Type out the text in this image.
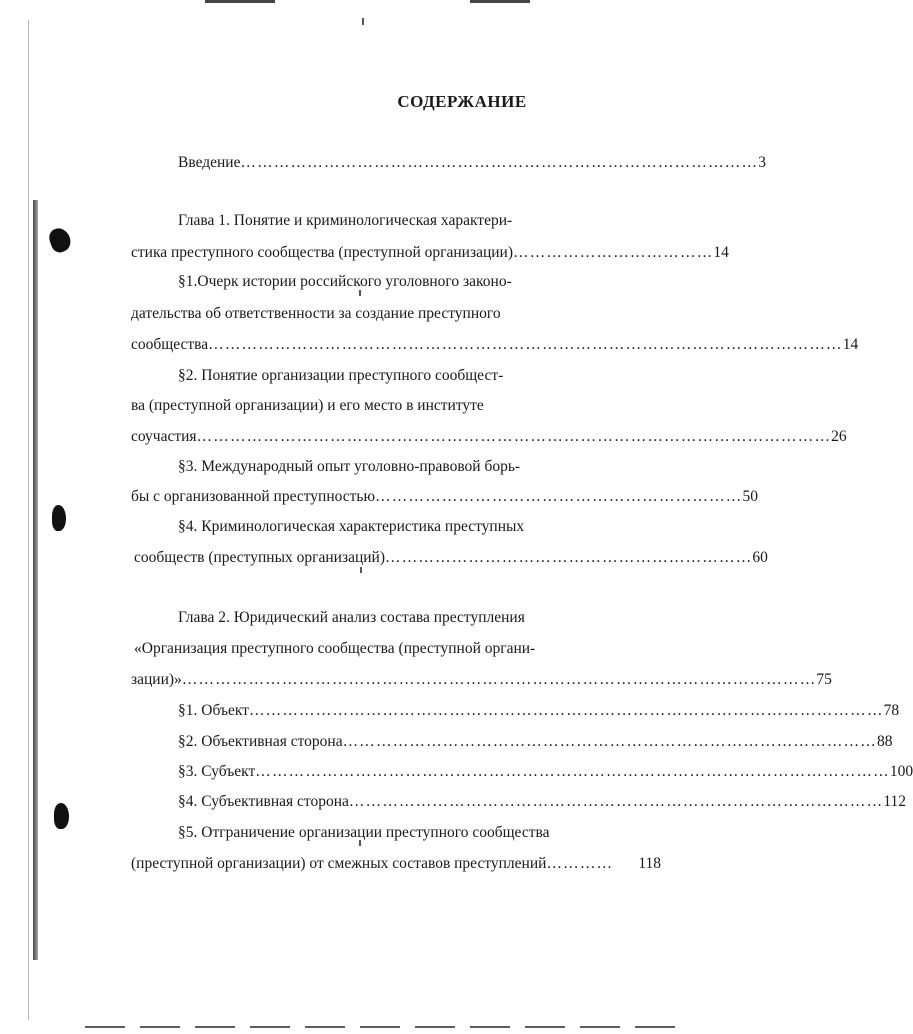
СОДЕРЖАНИЕ
Введение ………………………………………………………………………………… 3
Глава 1. Понятие и криминологическая характери-
стика преступного сообщества (преступной организации) ……………………………… 14
§1.Очерк истории российского уголовного законо-
дательства об ответственности за создание преступного
сообщества …………………………………………………………………………………………………… 14
§2. Понятие организации преступного сообщест-
ва (преступной организации) и его место в институте
соучастия …………………………………………………………………………………………………… 26
§3. Международный опыт уголовно-правовой борь-
бы с организованной преступностью ………………………………………………………… 50
§4. Криминологическая характеристика преступных
сообществ (преступных организаций) ………………………………………………………… 60
Глава 2. Юридический анализ состава преступления
«Организация преступного сообщества (преступной органи-
зации)» …………………………………………………………………………………………………… 75
§1. Объект …………………………………………………………………………………………………… 78
§2. Объективная сторона …………………………………………………………………………………… 88
§3. Субъект …………………………………………………………………………………………………… 100
§4. Субъективная сторона …………………………………………………………………………………… 112
§5. Отграничение организации преступного сообщества
(преступной организации) от смежных составов преступлений …………	118
